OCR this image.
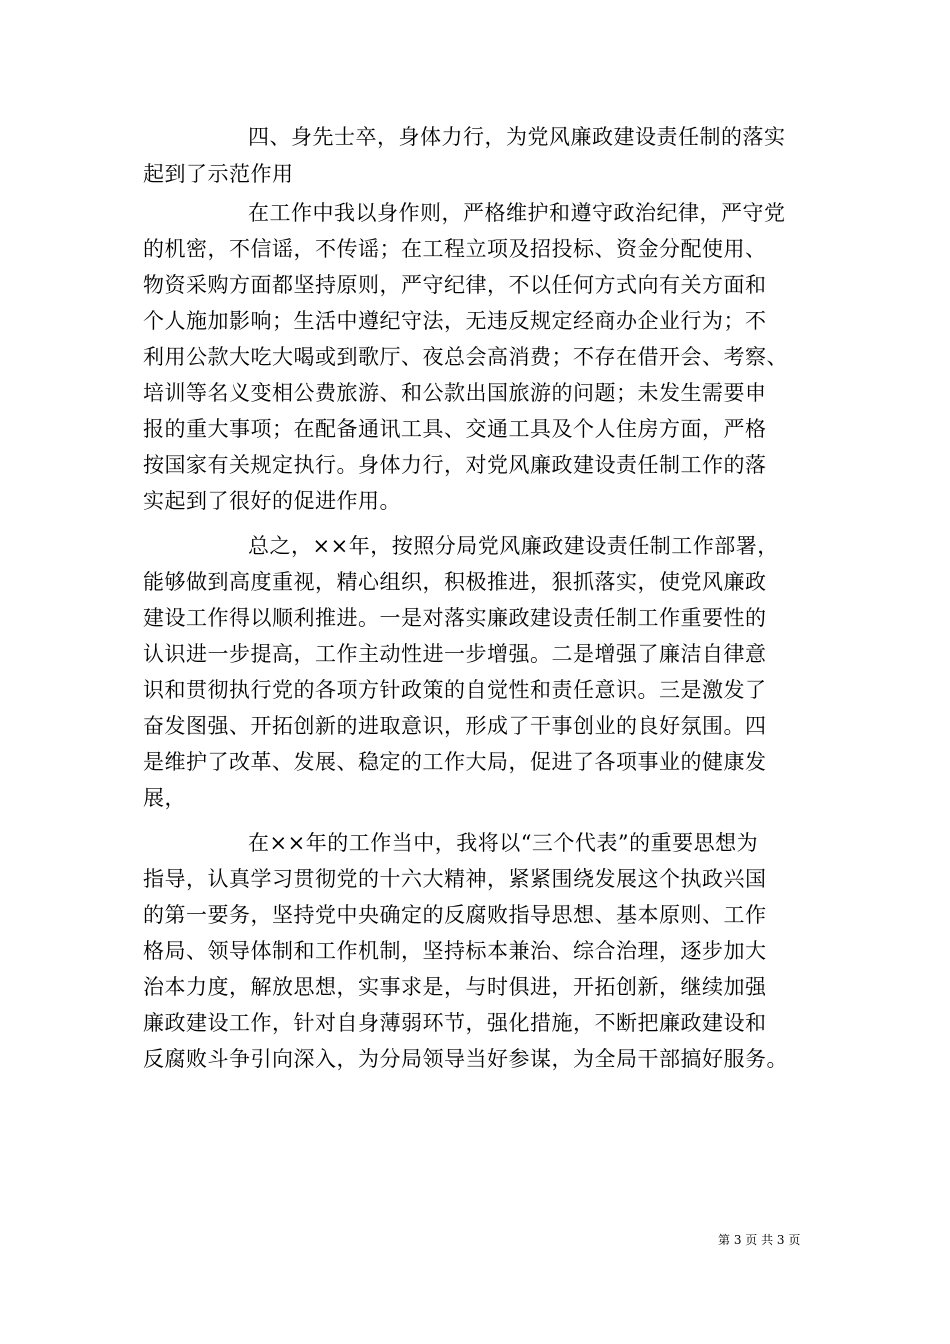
四、身先士卒，身体力行，为党风廉政建设责任制的落实
起到了示范作用
在工作中我以身作则，严格维护和遵守政治纪律，严守党
的机密，不信谣，不传谣；在工程立项及招投标、资金分配使用、
物资采购方面都坚持原则，严守纪律，不以任何方式向有关方面和
个人施加影响；生活中遵纪守法，无违反规定经商办企业行为；不
利用公款大吃大喝或到歌厅、夜总会高消费；不存在借开会、考察、
培训等名义变相公费旅游、和公款出国旅游的问题；未发生需要申
报的重大事项；在配备通讯工具、交通工具及个人住房方面，严格
按国家有关规定执行。身体力行，对党风廉政建设责任制工作的落
实起到了很好的促进作用。
总之，××年，按照分局党风廉政建设责任制工作部署，
能够做到高度重视，精心组织，积极推进，狠抓落实，使党风廉政
建设工作得以顺利推进。一是对落实廉政建设责任制工作重要性的
认识进一步提高，工作主动性进一步增强。二是增强了廉洁自律意
识和贯彻执行党的各项方针政策的自觉性和责任意识。三是激发了
奋发图强、开拓创新的进取意识，形成了干事创业的良好氛围。四
是维护了改革、发展、稳定的工作大局，促进了各项事业的健康发
展，
在××年的工作当中，我将以“三个代表”的重要思想为
指导，认真学习贯彻党的十六大精神，紧紧围绕发展这个执政兴国
的第一要务，坚持党中央确定的反腐败指导思想、基本原则、工作
格局、领导体制和工作机制，坚持标本兼治、综合治理，逐步加大
治本力度，解放思想，实事求是，与时俱进，开拓创新，继续加强
廉政建设工作，针对自身薄弱环节，强化措施，不断把廉政建设和
反腐败斗争引向深入，为分局领导当好参谋，为全局干部搞好服务。
第 3 页 共 3 页
